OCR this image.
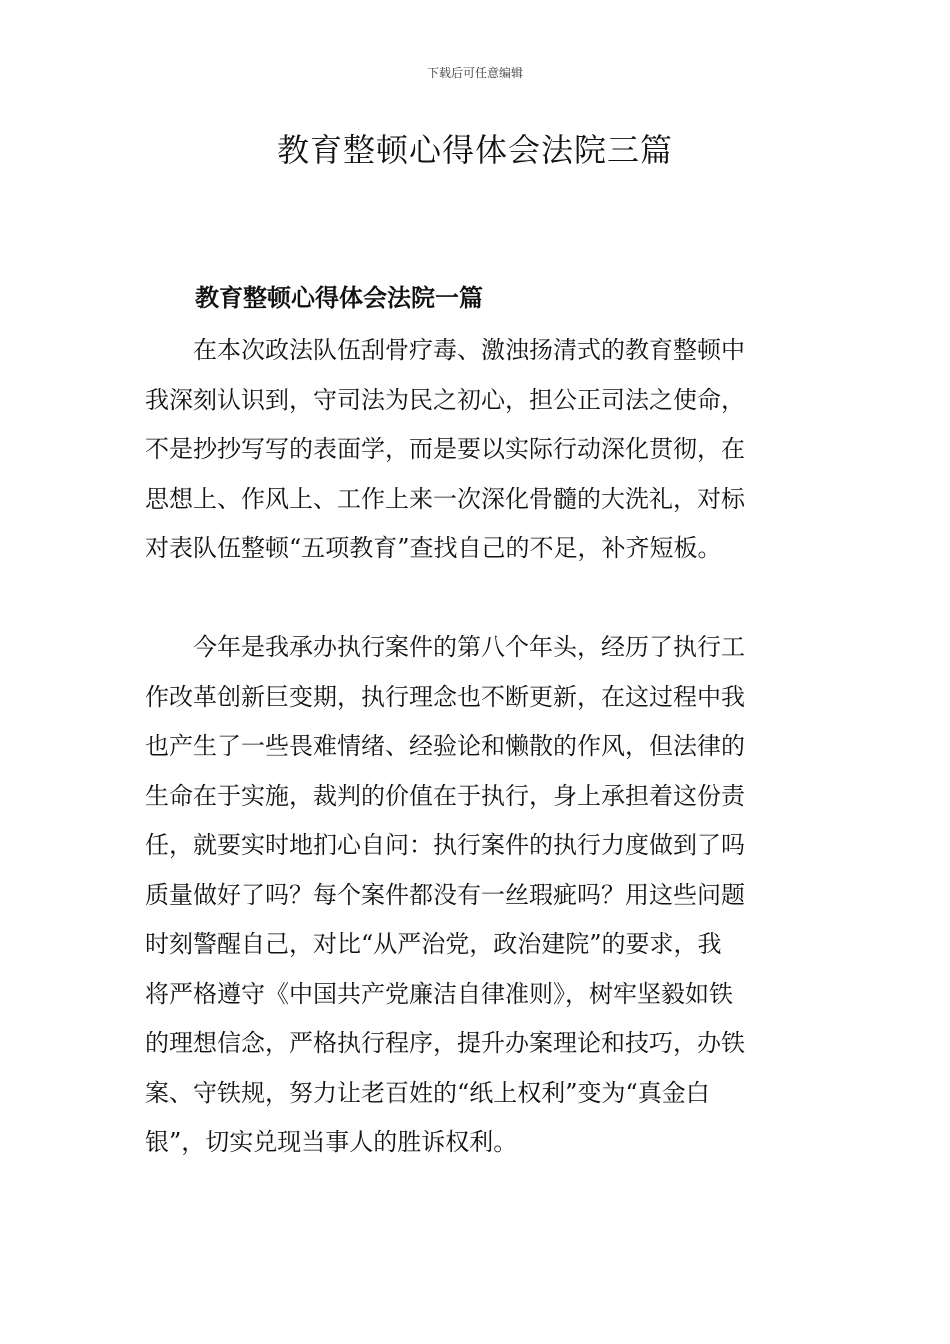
下载后可任意编辑
教育整顿心得体会法院三篇
教育整顿心得体会法院一篇
　　在本次政法队伍刮骨疗毒、激浊扬清式的教育整顿中
我深刻认识到，守司法为民之初心，担公正司法之使命，
不是抄抄写写的表面学，而是要以实际行动深化贯彻，在
思想上、作风上、工作上来一次深化骨髓的大洗礼，对标
对表队伍整顿“五项教育”查找自己的不足，补齐短板。
　　今年是我承办执行案件的第八个年头，经历了执行工
作改革创新巨变期，执行理念也不断更新，在这过程中我
也产生了一些畏难情绪、经验论和懒散的作风，但法律的
生命在于实施，裁判的价值在于执行，身上承担着这份责
任，就要实时地扪心自问：执行案件的执行力度做到了吗
质量做好了吗？每个案件都没有一丝瑕疵吗？用这些问题
时刻警醒自己，对比“从严治党，政治建院”的要求，我
将严格遵守《中国共产党廉洁自律准则》，树牢坚毅如铁
的理想信念，严格执行程序，提升办案理论和技巧，办铁
案、守铁规，努力让老百姓的“纸上权利”变为“真金白
银”，切实兑现当事人的胜诉权利。
